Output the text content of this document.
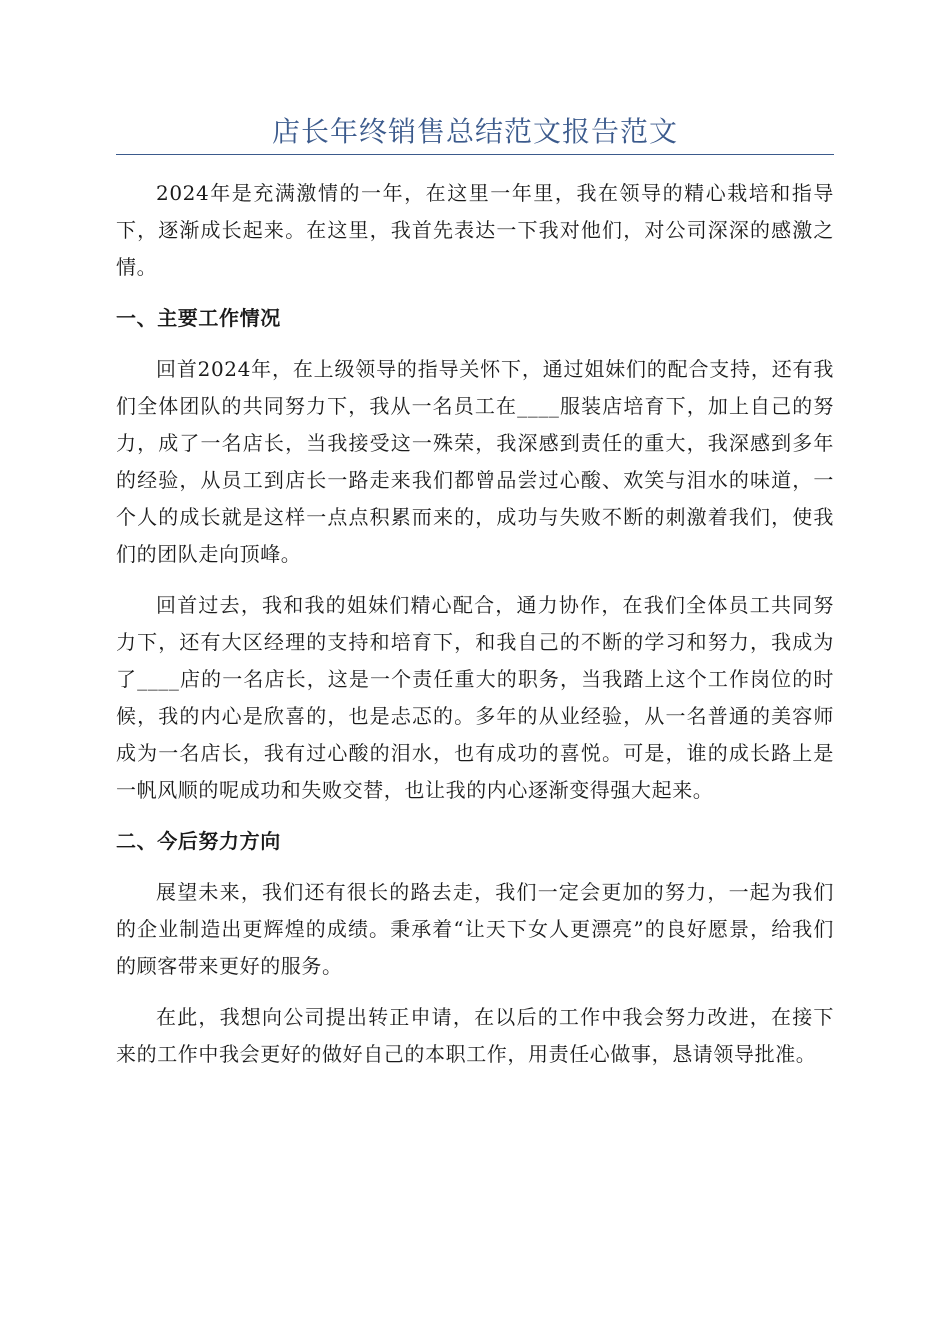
店长年终销售总结范文报告范文

2024年是充满激情的一年，在这里一年里，我在领导的精心栽培和指导下，逐渐成长起来。在这里，我首先表达一下我对他们，对公司深深的感激之情。

一、主要工作情况

回首2024年，在上级领导的指导关怀下，通过姐妹们的配合支持，还有我们全体团队的共同努力下，我从一名员工在____服装店培育下，加上自己的努力，成了一名店长，当我接受这一殊荣，我深感到责任的重大，我深感到多年的经验，从员工到店长一路走来我们都曾品尝过心酸、欢笑与泪水的味道，一个人的成长就是这样一点点积累而来的，成功与失败不断的刺激着我们，使我们的团队走向顶峰。

回首过去，我和我的姐妹们精心配合，通力协作，在我们全体员工共同努力下，还有大区经理的支持和培育下，和我自己的不断的学习和努力，我成为了____店的一名店长，这是一个责任重大的职务，当我踏上这个工作岗位的时候，我的内心是欣喜的，也是忐忑的。多年的从业经验，从一名普通的美容师成为一名店长，我有过心酸的泪水，也有成功的喜悦。可是，谁的成长路上是一帆风顺的呢成功和失败交替，也让我的内心逐渐变得强大起来。

二、今后努力方向

展望未来，我们还有很长的路去走，我们一定会更加的努力，一起为我们的企业制造出更辉煌的成绩。秉承着“让天下女人更漂亮”的良好愿景，给我们的顾客带来更好的服务。

在此，我想向公司提出转正申请，在以后的工作中我会努力改进，在接下来的工作中我会更好的做好自己的本职工作，用责任心做事，恳请领导批准。
